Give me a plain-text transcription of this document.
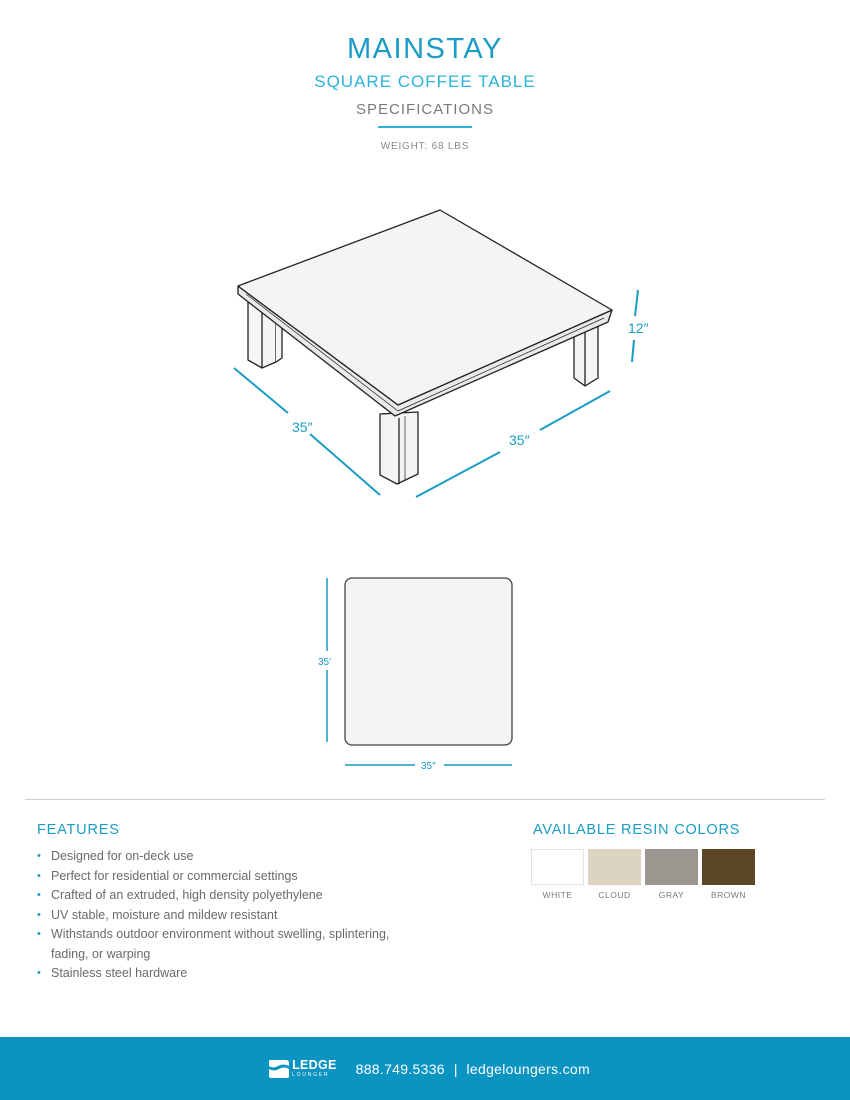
MAINSTAY
SQUARE COFFEE TABLE
SPECIFICATIONS
WEIGHT: 68 LBS
35″
35″
12″
35′
35″
FEATURES
• Designed for on-deck use
• Perfect for residential or commercial settings
• Crafted of an extruded, high density polyethylene
• UV stable, moisture and mildew resistant
• Withstands outdoor environment without swelling, splintering, fading, or warping
• Stainless steel hardware
AVAILABLE RESIN COLORS
WHITE	CLOUD	GRAY	BROWN
LEDGE
LOUNGER	888.749.5336 | ledgeloungers.com
